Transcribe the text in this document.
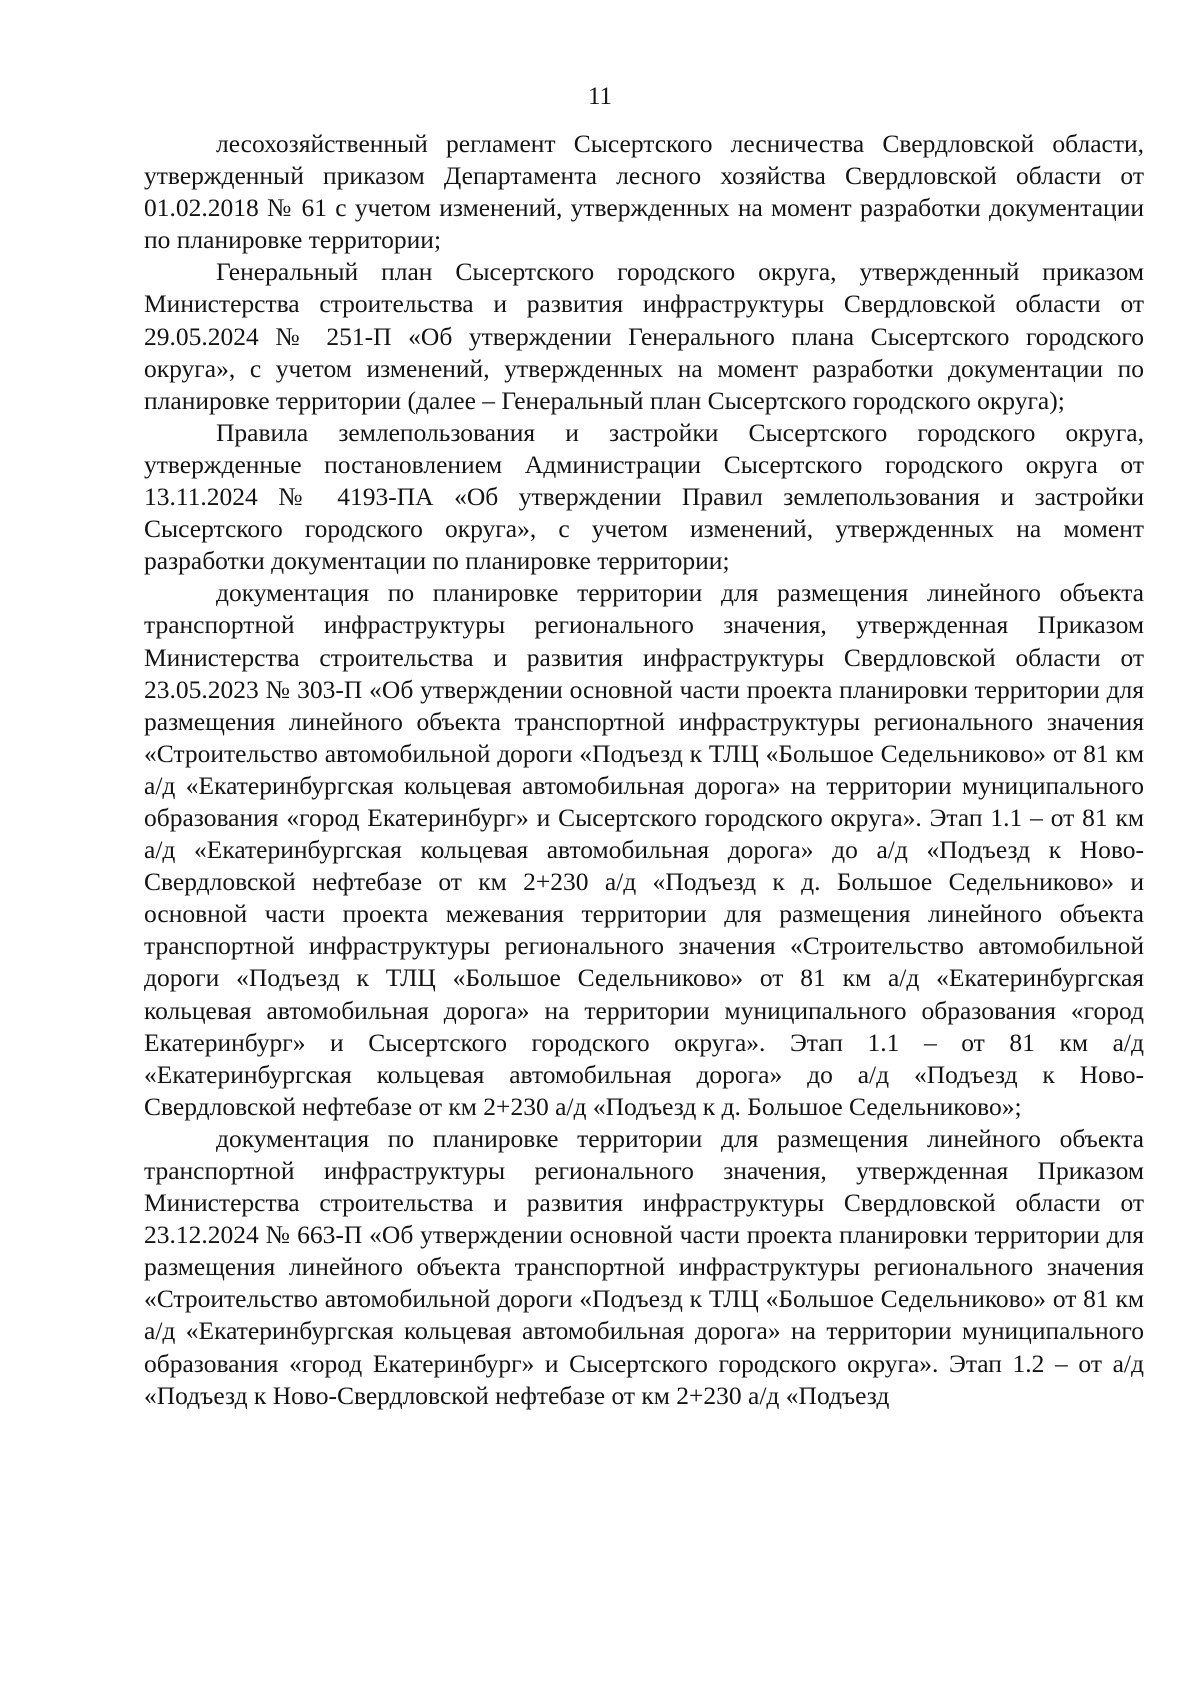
11

лесохозяйственный регламент Сысертского лесничества Свердловской области, утвержденный приказом Департамента лесного хозяйства Свердловской области от 01.02.2018 № 61 с учетом изменений, утвержденных на момент разработки документации по планировке территории;

Генеральный план Сысертского городского округа, утвержденный приказом Министерства строительства и развития инфраструктуры Свердловской области от 29.05.2024 № 251-П «Об утверждении Генерального плана Сысертского городского округа», с учетом изменений, утвержденных на момент разработки документации по планировке территории (далее – Генеральный план Сысертского городского округа);

Правила землепользования и застройки Сысертского городского округа, утвержденные постановлением Администрации Сысертского городского округа от 13.11.2024 № 4193-ПА «Об утверждении Правил землепользования и застройки Сысертского городского округа», с учетом изменений, утвержденных на момент разработки документации по планировке территории;

документация по планировке территории для размещения линейного объекта транспортной инфраструктуры регионального значения, утвержденная Приказом Министерства строительства и развития инфраструктуры Свердловской области от 23.05.2023 № 303-П «Об утверждении основной части проекта планировки территории для размещения линейного объекта транспортной инфраструктуры регионального значения «Строительство автомобильной дороги «Подъезд к ТЛЦ «Большое Седельниково» от 81 км а/д «Екатеринбургская кольцевая автомобильная дорога» на территории муниципального образования «город Екатеринбург» и Сысертского городского округа». Этап 1.1 – от 81 км а/д «Екатеринбургская кольцевая автомобильная дорога» до а/д «Подъезд к Ново-Свердловской нефтебазе от км 2+230 а/д «Подъезд к д. Большое Седельниково» и основной части проекта межевания территории для размещения линейного объекта транспортной инфраструктуры регионального значения «Строительство автомобильной дороги «Подъезд к ТЛЦ «Большое Седельниково» от 81 км а/д «Екатеринбургская кольцевая автомобильная дорога» на территории муниципального образования «город Екатеринбург» и Сысертского городского округа». Этап 1.1 – от 81 км а/д «Екатеринбургская кольцевая автомобильная дорога» до а/д «Подъезд к Ново-Свердловской нефтебазе от км 2+230 а/д «Подъезд к д. Большое Седельниково»;

документация по планировке территории для размещения линейного объекта транспортной инфраструктуры регионального значения, утвержденная Приказом Министерства строительства и развития инфраструктуры Свердловской области от 23.12.2024 № 663-П «Об утверждении основной части проекта планировки территории для размещения линейного объекта транспортной инфраструктуры регионального значения «Строительство автомобильной дороги «Подъезд к ТЛЦ «Большое Седельниково» от 81 км а/д «Екатеринбургская кольцевая автомобильная дорога» на территории муниципального образования «город Екатеринбург» и Сысертского городского округа». Этап 1.2 – от а/д «Подъезд к Ново-Свердловской нефтебазе от км 2+230 а/д «Подъезд
